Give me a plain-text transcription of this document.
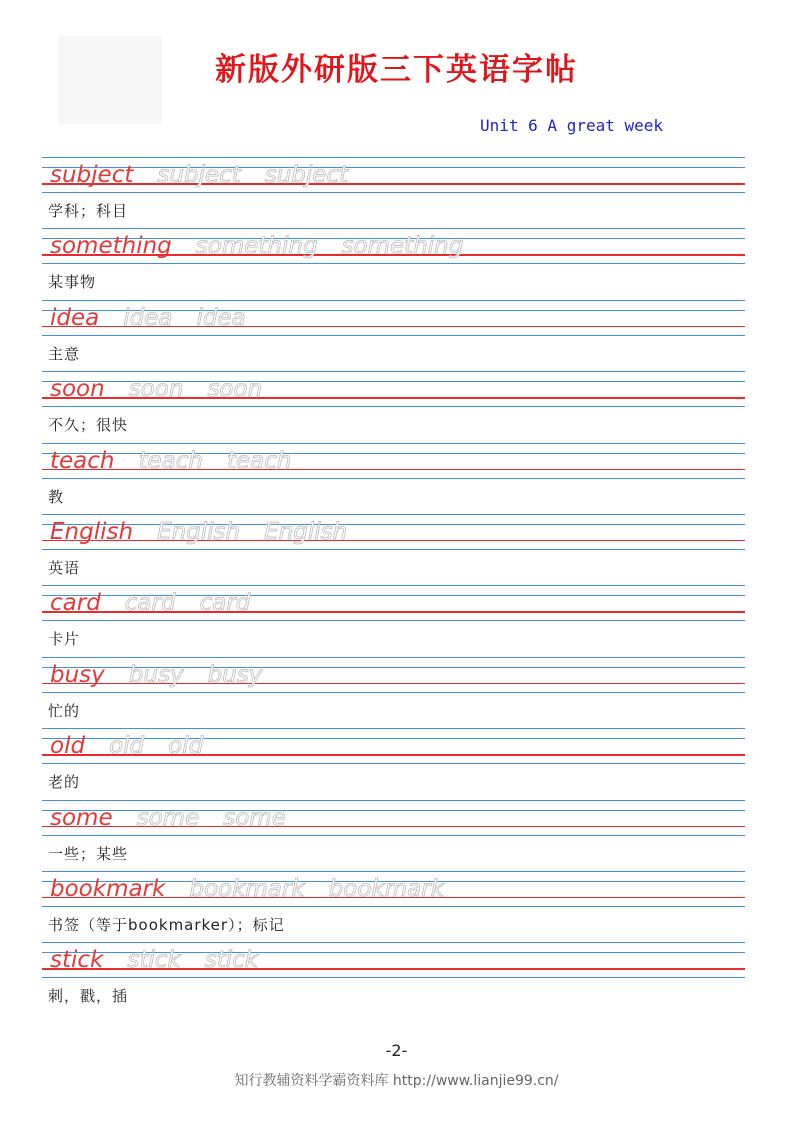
新版外研版三下英语字帖
Unit 6 A great week
subject subject subject
学科；科目
something something something
某事物
idea idea idea
主意
soon soon soon
不久；很快
teach teach teach
教
English English English
英语
card card card
卡片
busy busy busy
忙的
old old old
老的
some some some
一些；某些
bookmark bookmark bookmark
书签（等于bookmarker）；标记
stick stick stick
刺，戳，插
-2-
知行教辅资料学霸资料库 http://www.lianjie99.cn/
